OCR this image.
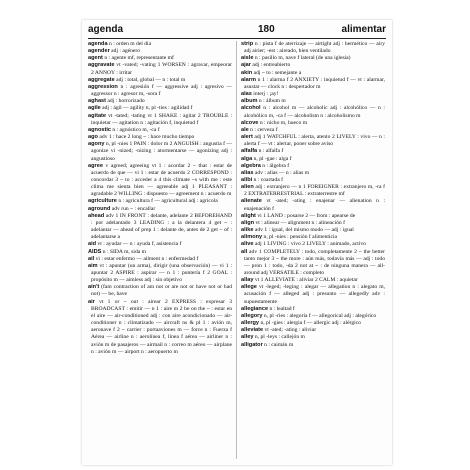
agenda	180	alimentar

agenda n : orden m del día

agender adj : agénero

agent n : agente mf, representante mf

aggravate vt -vated; -vating 1 WORSEN : agravar, empeorar 2 ANNOY : irritar

aggregate adj : total, global — n : total m

aggression n : agresión f — aggressive adj : agresivo — aggressor n : agresor m, -sora f

aghast adj : horrorizado

agile adj : ágil — agility n, pl -ties : agilidad f

agitate vt -tated; -tating vt 1 SHAKE : agitar 2 TROUBLE : inquietar — agitation n : agitación f, inquietud f

agnostic n : agnóstico m, -ca f

ago adv 1 : hace 2 long ~ : hace mucho tiempo

agony n, pl -nies 1 PAIN : dolor m 2 ANGUISH : angustia f — agonize vi -nized; -nizing : atormentarse — agonizing adj : angustioso

agree v agreed; agreeing vt 1 : acordar 2 ~ that : estar de acuerdo de que — vi 1 : estar de acuerdo 2 CORRESPOND : concordar 3 ~ to : acceder a 4 this climate ~s with me : este clima me sienta bien — agreeable adj 1 PLEASANT : agradable 2 WILLING : dispuesto — agreement n : acuerdo m

agriculture n : agricultura f — agricultural adj : agrícola

aground adv run ~ : encallar

ahead adv 1 IN FRONT : delante, adelante 2 BEFOREHAND : por adelantado 3 LEADING : a la delantera 4 get ~ : adelantar — ahead of prep 1 : delante de, antes de 2 get ~ of : adelantarse a

aid vt : ayudar — n : ayuda f, asistencia f

AIDS n : SIDA m, sida m

ail vi : estar enfermo — ailment n : enfermedad f

aim vt : apuntar (un arma), dirigir (una observación) — vi 1 : apuntar 2 ASPIRE : aspirar — n 1 : puntería f 2 GOAL : propósito m — aimless adj : sin objetivo

ain't (fam contraction of am not or are not or have not or had not) — be, have

air vt 1 or ~ out : airear 2 EXPRESS : expresar 3 BROADCAST : emitir — n 1 : aire m 2 be on the ~ : estar en el aire — air-conditioned adj : con aire acondicionado — air-conditioner n : climatizado — aircraft ns & pl 1 : avión m, aeronave f 2 ~ carrier : portaaviones m — force n : Fuerza f Aérea — airline n : aerolínea f, línea f aérea — airliner n : avión m de pasajeros — airmail n : correo m aéreo — airplane n : avión m — airport n : aeropuerto m

strip n : pista f de aterrizaje — airtight adj : hermético — airy adj airier; -est : aireado, bien ventilado

aisle n : pasillo m, nave f lateral (de una iglesia)

ajar adj : entreabierto

akin adj ~ to : semejante a

alarm n 1 : alarma f 2 ANXIETY : inquietud f — vt : alarmar, asustar — clock n : despertador m

alas interj : ¡ay!

album n : álbum m

alcohol n : alcohol m — alcoholic adj : alcohólico — n : alcohólico m, -ca f — alcoholism n : alcoholismo m

alcove n : nicho m, hueco m

ale n : cerveza f

alert adj 1 WATCHFUL : alerta, atento 2 LIVELY : vivo — n : alerta f — vt : alertar, poner sobre aviso

alfalfa n : alfalfa f

alga n, pl -gae : alga f

algebra n : álgebra f

alias adv : alias — n : alias m

alibi n : coartada f

alien adj : extranjero — n 1 FOREIGNER : extranjero m, -ra f 2 EXTRATERRESTRIAL : extraterrestre mf

alienate vt -ated; -ating : enajenar — alienation n : enajenación f

alight vi 1 LAND : posarse 2 — from : apearse de

align vt : alinear — alignment n : alineación f

alike adv 1 : igual, del mismo modo — adj : igual

alimony n, pl -nies : pensión f alimenticia

alive adj 1 LIVING : vivo 2 LIVELY : animado, activo

all adv 1 COMPLETELY : todo, completamente 2 ~ the better tanto mejor 3 ~ the more : aún más, todavía más — adj : todo — pron 1 : todo, -da 2 not at ~ : de ninguna manera — all-around adj VERSATILE : completo

allay vt 1 ALLEVIATE : aliviar 2 CALM : aquietar

allege vt -leged; -leging : alegar — allegation n : alegato m, acusación f — alleged adj : presunto — allegedly adv : supuestamente

allegiance n : lealtad f

allegory n, pl -ries : alegoría f — allegorical adj : alegórico

allergy n, pl -gies : alergia f — allergic adj : alérgico

alleviate vt -ated; -ating : aliviar

alley n, pl -leys : callejón m

alligator n : caimán m
